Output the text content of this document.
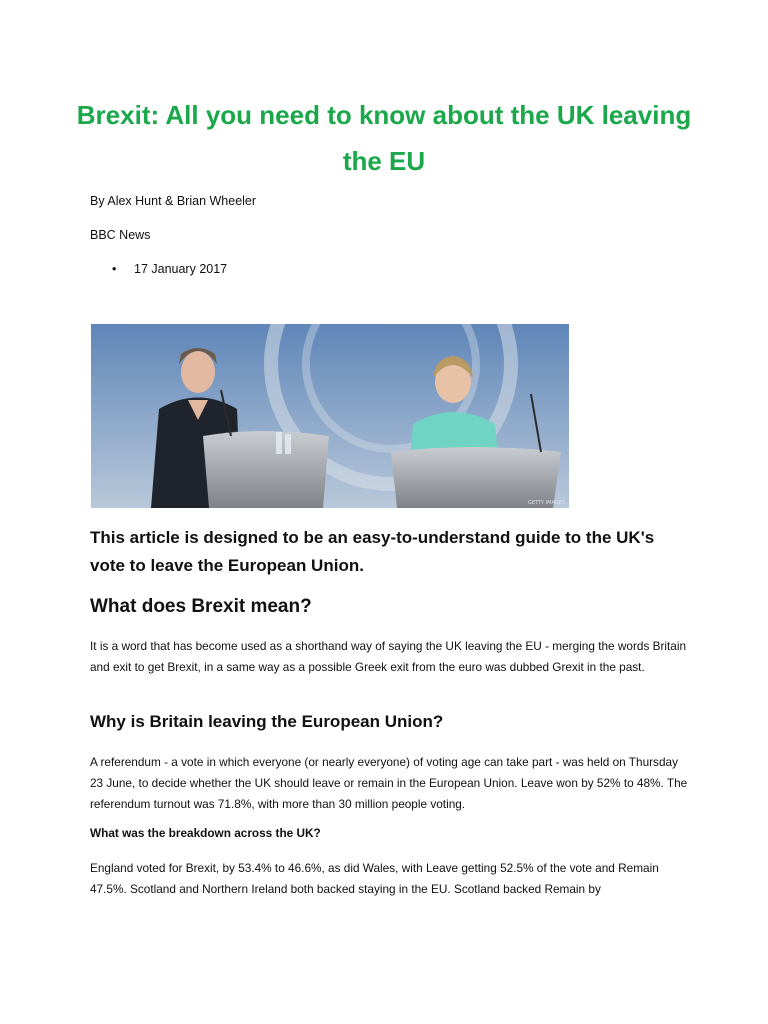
Brexit: All you need to know about the UK leaving the EU
By Alex Hunt & Brian Wheeler
BBC News
• 17 January 2017
GETTY IMAGES
This article is designed to be an easy-to-understand guide to the UK's vote to leave the European Union.
What does Brexit mean?
It is a word that has become used as a shorthand way of saying the UK leaving the EU - merging the words Britain and exit to get Brexit, in a same way as a possible Greek exit from the euro was dubbed Grexit in the past.
Why is Britain leaving the European Union?
A referendum - a vote in which everyone (or nearly everyone) of voting age can take part - was held on Thursday 23 June, to decide whether the UK should leave or remain in the European Union. Leave won by 52% to 48%. The referendum turnout was 71.8%, with more than 30 million people voting.
What was the breakdown across the UK?
England voted for Brexit, by 53.4% to 46.6%, as did Wales, with Leave getting 52.5% of the vote and Remain 47.5%. Scotland and Northern Ireland both backed staying in the EU. Scotland backed Remain by
